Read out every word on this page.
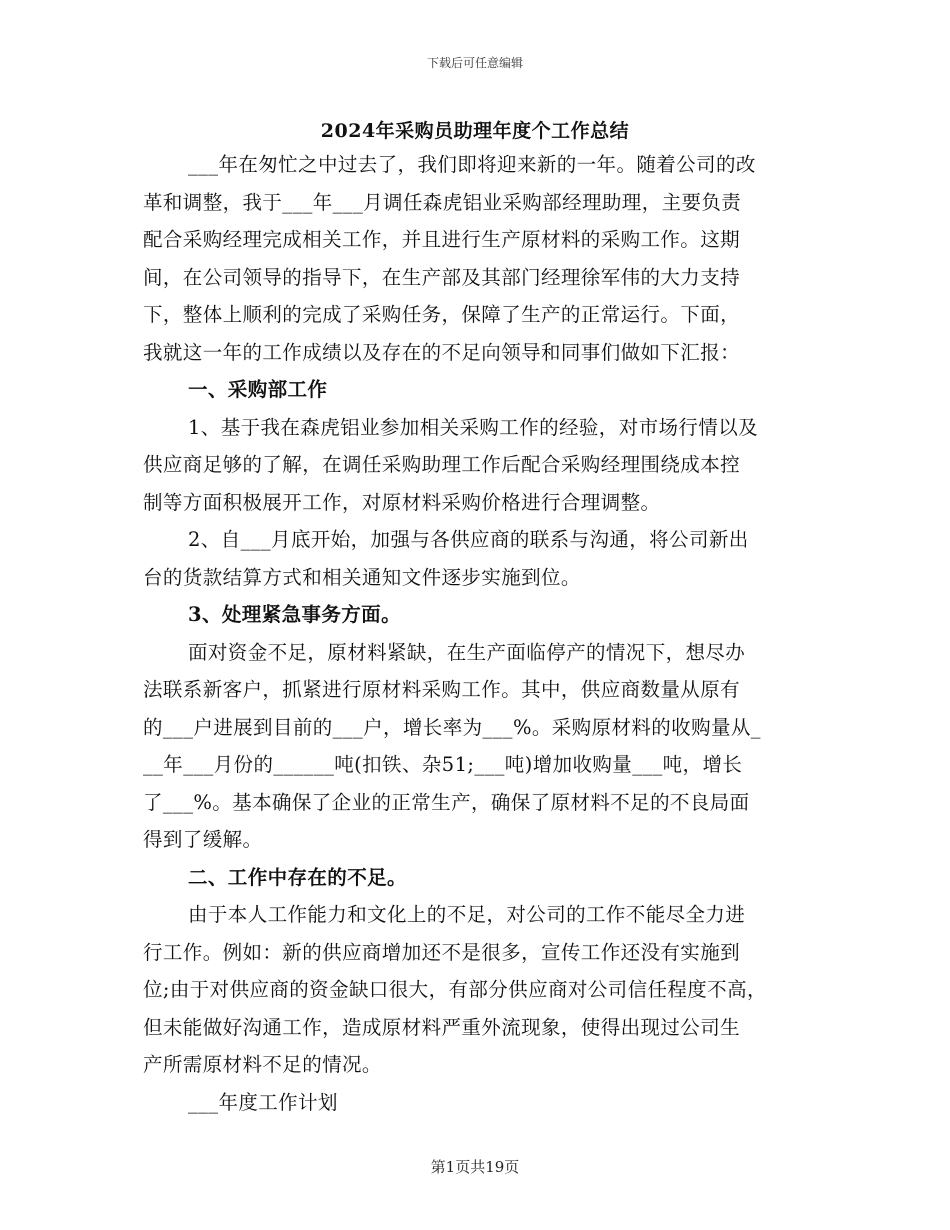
下载后可任意编辑
2024年采购员助理年度个工作总结
___年在匆忙之中过去了，我们即将迎来新的一年。随着公司的改
革和调整，我于___年___月调任森虎铝业采购部经理助理，主要负责
配合采购经理完成相关工作，并且进行生产原材料的采购工作。这期
间，在公司领导的指导下，在生产部及其部门经理徐军伟的大力支持
下，整体上顺利的完成了采购任务，保障了生产的正常运行。下面，
我就这一年的工作成绩以及存在的不足向领导和同事们做如下汇报：
一、采购部工作
1、基于我在森虎铝业参加相关采购工作的经验，对市场行情以及
供应商足够的了解，在调任采购助理工作后配合采购经理围绕成本控
制等方面积极展开工作，对原材料采购价格进行合理调整。
2、自___月底开始，加强与各供应商的联系与沟通，将公司新出
台的货款结算方式和相关通知文件逐步实施到位。
3、处理紧急事务方面。
面对资金不足，原材料紧缺，在生产面临停产的情况下，想尽办
法联系新客户，抓紧进行原材料采购工作。其中，供应商数量从原有
的___户进展到目前的___户，增长率为___%。采购原材料的收购量从_
__年___月份的______吨(扣铁、杂51;___吨)增加收购量___吨，增长
了___%。基本确保了企业的正常生产，确保了原材料不足的不良局面
得到了缓解。
二、工作中存在的不足。
由于本人工作能力和文化上的不足，对公司的工作不能尽全力进
行工作。例如：新的供应商增加还不是很多，宣传工作还没有实施到
位;由于对供应商的资金缺口很大，有部分供应商对公司信任程度不高，
但未能做好沟通工作，造成原材料严重外流现象，使得出现过公司生
产所需原材料不足的情况。
___年度工作计划
第1页共19页
